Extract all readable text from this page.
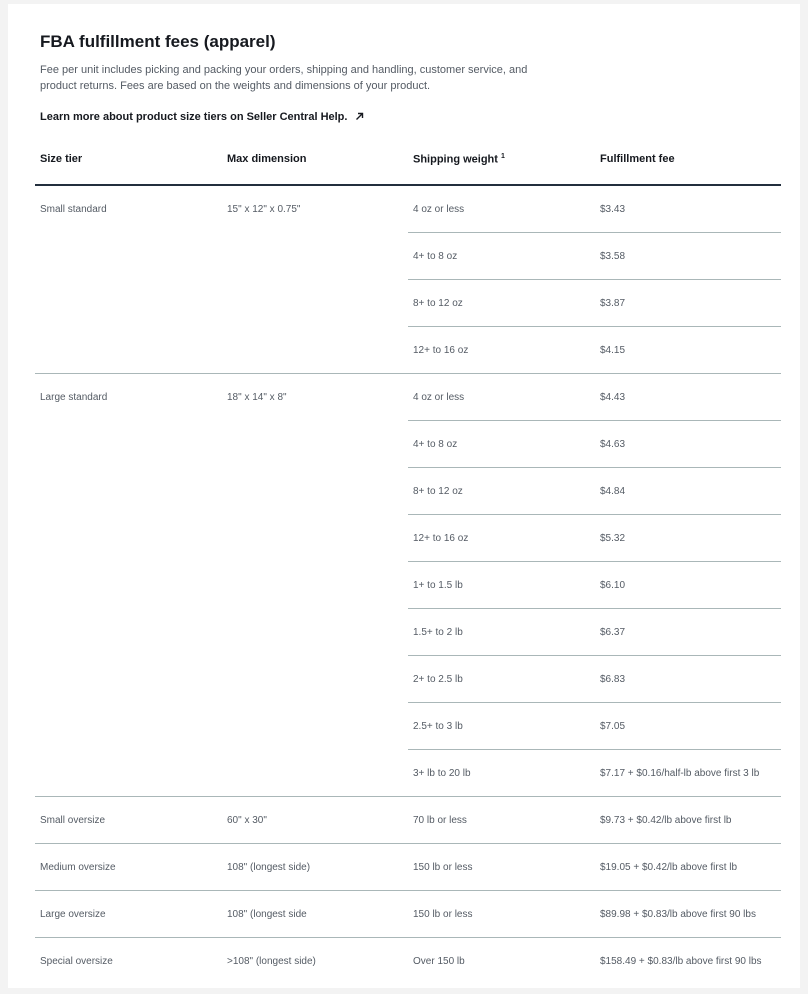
FBA fulfillment fees (apparel)

Fee per unit includes picking and packing your orders, shipping and handling, customer service, and product returns. Fees are based on the weights and dimensions of your product.

Learn more about product size tiers on Seller Central Help.
Size tier	Max dimension	Shipping weight $^1$	Fulfillment fee
Small standard	15" x 12" x 0.75"	4 oz or less	$3.43
4+ to 8 oz	$3.58
8+ to 12 oz	$3.87
12+ to 16 oz	$4.15
Large standard	18" x 14" x 8"	4 oz or less	$4.43
4+ to 8 oz	$4.63
8+ to 12 oz	$4.84
12+ to 16 oz	$5.32
1+ to 1.5 lb	$6.10
1.5+ to 2 lb	$6.37
2+ to 2.5 lb	$6.83
2.5+ to 3 lb	$7.05
3+ lb to 20 lb	$7.17 + $0.16/half-lb above first 3 lb
Small oversize	60" x 30"	70 lb or less	$9.73 + $0.42/lb above first lb
Medium oversize	108" (longest side)	150 lb or less	$19.05 + $0.42/lb above first lb
Large oversize	108" (longest side	150 lb or less	$89.98 + $0.83/lb above first 90 lbs
Special oversize	>108" (longest side)	Over 150 lb	$158.49 + $0.83/lb above first 90 lbs
